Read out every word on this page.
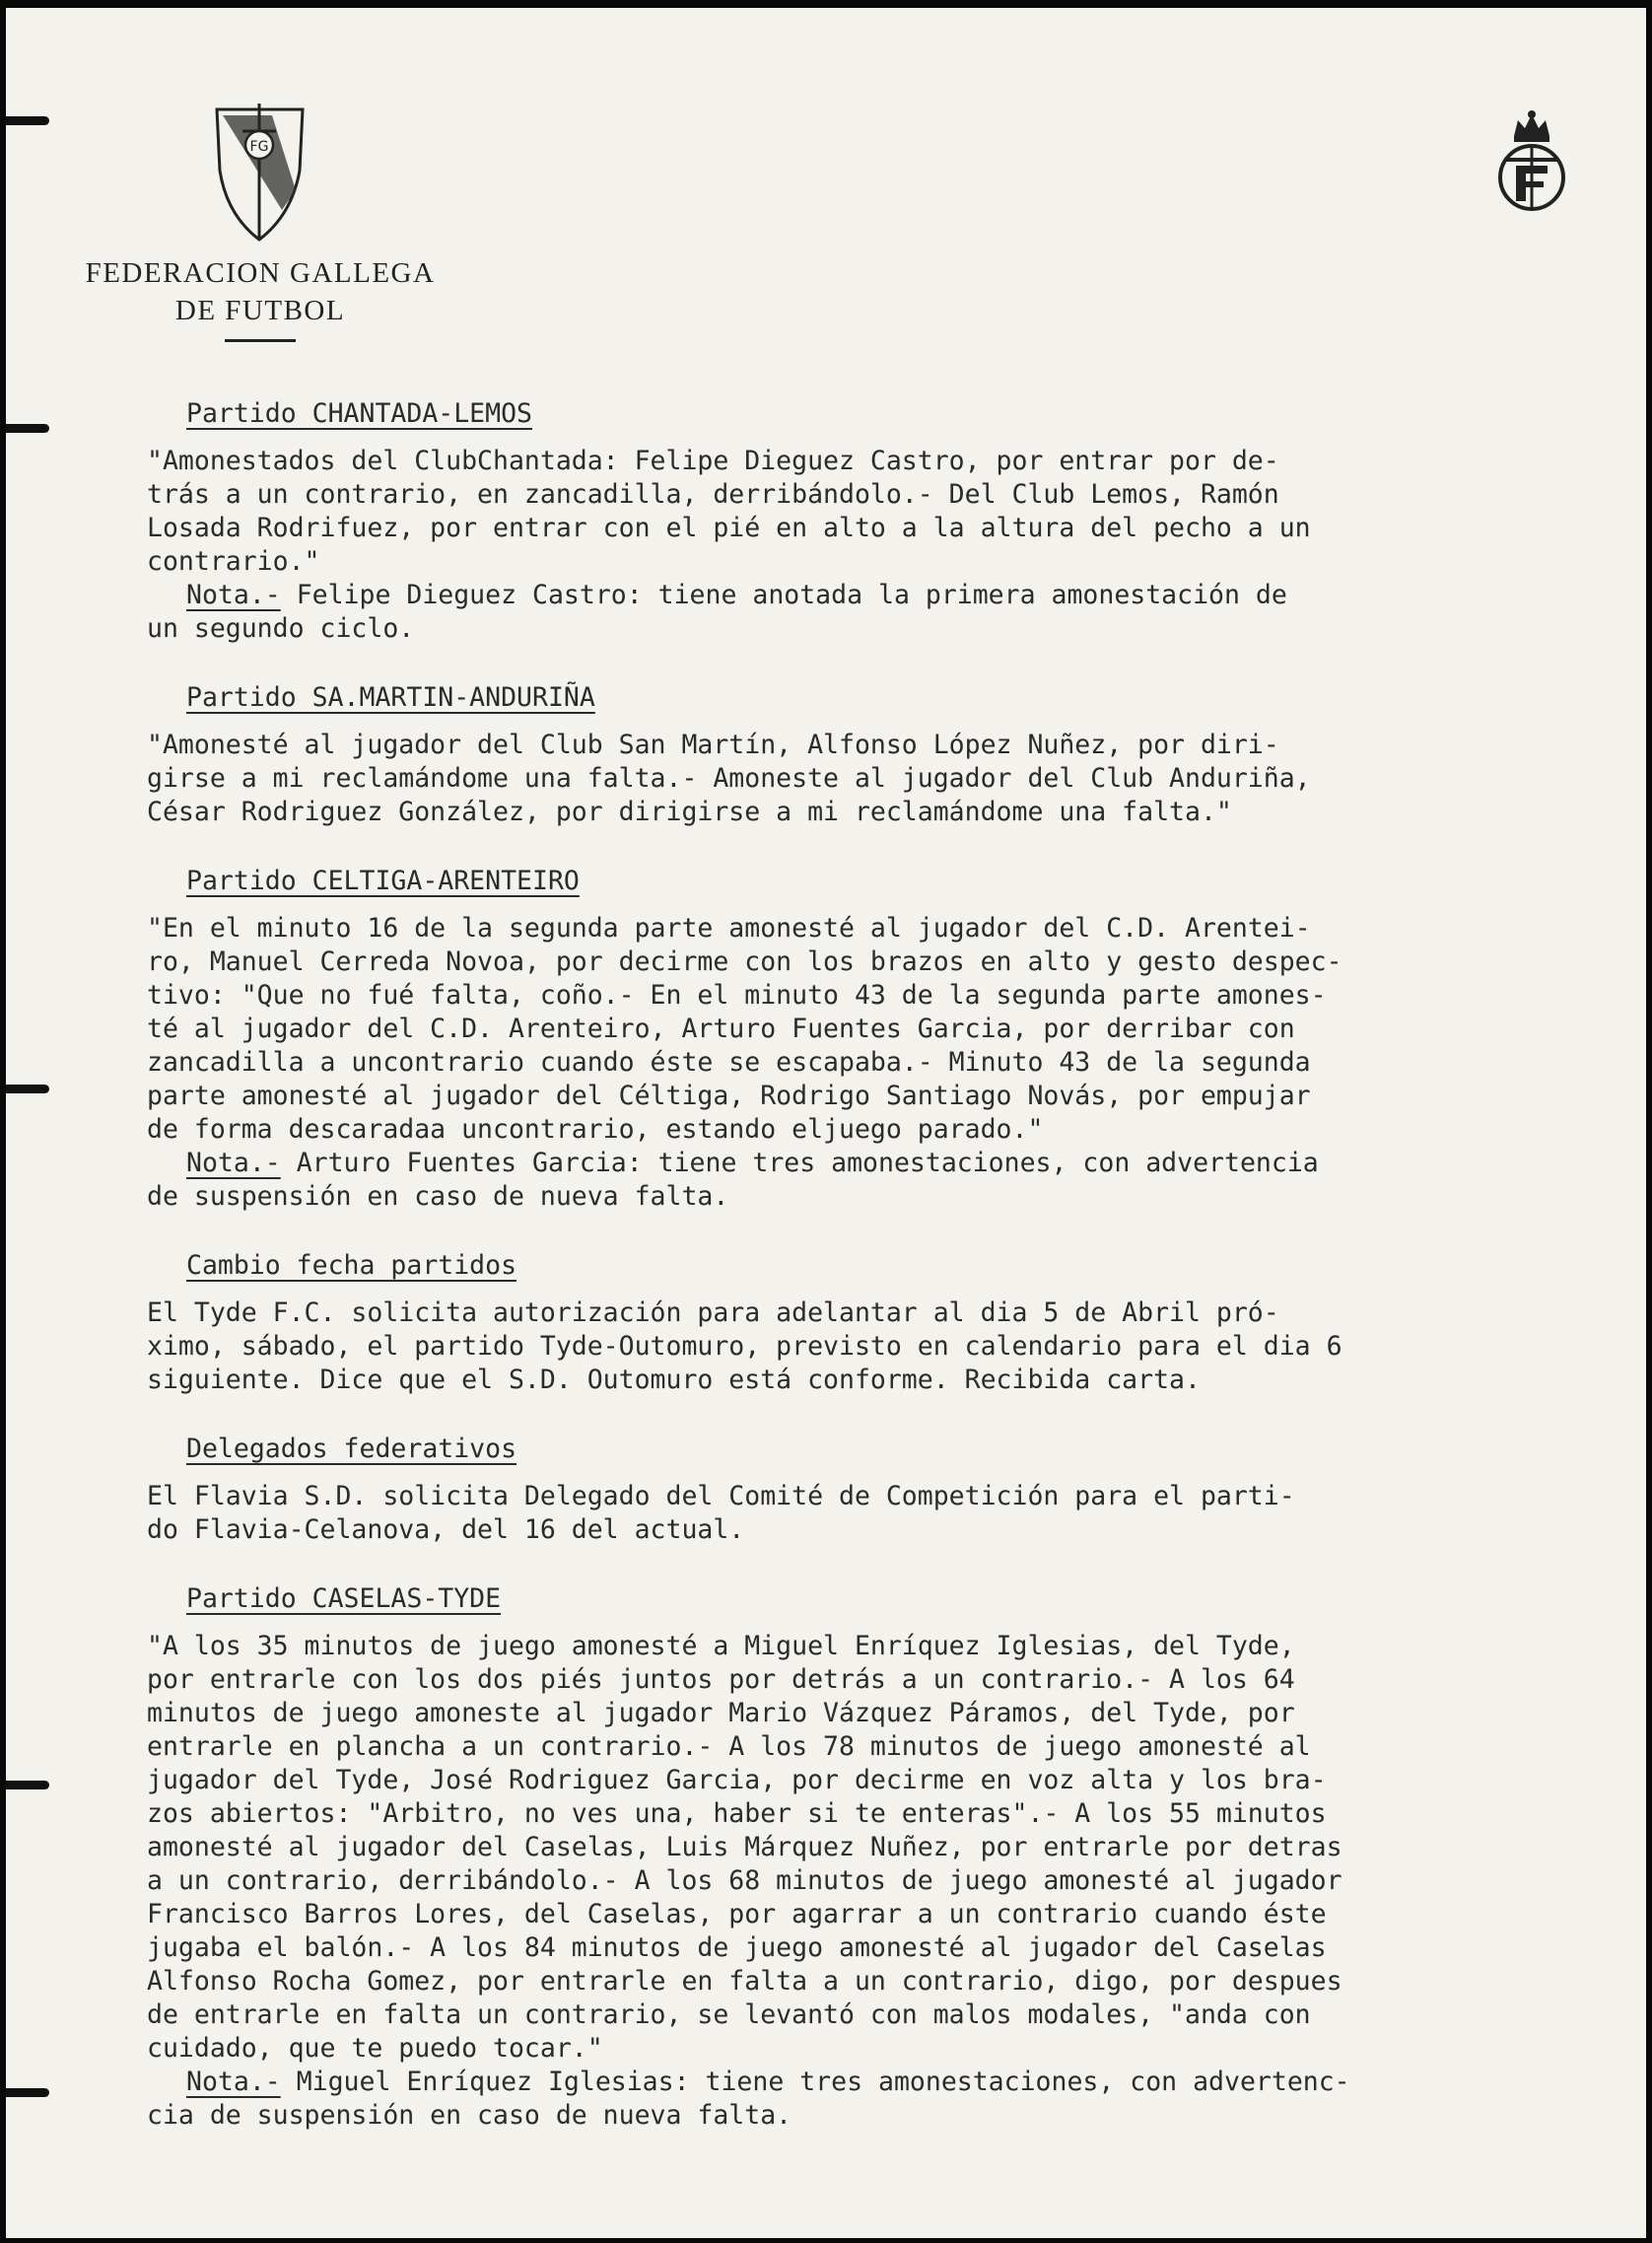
FG
FEDERACION GALLEGA
DE FUTBOL
Partido CHANTADA-LEMOS
"Amonestados del ClubChantada: Felipe Dieguez Castro, por entrar por de-
trás a un contrario, en zancadilla, derribándolo.- Del Club Lemos, Ramón
Losada Rodrifuez, por entrar con el pié en alto a la altura del pecho a un
contrario."
Nota.- Felipe Dieguez Castro: tiene anotada la primera amonestación de
un segundo ciclo.
Partido SA.MARTIN-ANDURIÑA
"Amonesté al jugador del Club San Martín, Alfonso López Nuñez, por diri-
girse a mi reclamándome una falta.- Amoneste al jugador del Club Anduriña,
César Rodriguez González, por dirigirse a mi reclamándome una falta."
Partido CELTIGA-ARENTEIRO
"En el minuto 16 de la segunda parte amonesté al jugador del C.D. Arentei-
ro, Manuel Cerreda Novoa, por decirme con los brazos en alto y gesto despec-
tivo: "Que no fué falta, coño.- En el minuto 43 de la segunda parte amones-
té al jugador del C.D. Arenteiro, Arturo Fuentes Garcia, por derribar con
zancadilla a uncontrario cuando éste se escapaba.- Minuto 43 de la segunda
parte amonesté al jugador del Céltiga, Rodrigo Santiago Novás, por empujar
de forma descaradaa uncontrario, estando eljuego parado."
Nota.- Arturo Fuentes Garcia: tiene tres amonestaciones, con advertencia
de suspensión en caso de nueva falta.
Cambio fecha partidos
El Tyde F.C. solicita autorización para adelantar al dia 5 de Abril pró-
ximo, sábado, el partido Tyde-Outomuro, previsto en calendario para el dia 6
siguiente. Dice que el S.D. Outomuro está conforme. Recibida carta.
Delegados federativos
El Flavia S.D. solicita Delegado del Comité de Competición para el parti-
do Flavia-Celanova, del 16 del actual.
Partido CASELAS-TYDE
"A los 35 minutos de juego amonesté a Miguel Enríquez Iglesias, del Tyde,
por entrarle con los dos piés juntos por detrás a un contrario.- A los 64
minutos de juego amoneste al jugador Mario Vázquez Páramos, del Tyde, por
entrarle en plancha a un contrario.- A los 78 minutos de juego amonesté al
jugador del Tyde, José Rodriguez Garcia, por decirme en voz alta y los bra-
zos abiertos: "Arbitro, no ves una, haber si te enteras".- A los 55 minutos
amonesté al jugador del Caselas, Luis Márquez Nuñez, por entrarle por detras
a un contrario, derribándolo.- A los 68 minutos de juego amonesté al jugador
Francisco Barros Lores, del Caselas, por agarrar a un contrario cuando éste
jugaba el balón.- A los 84 minutos de juego amonesté al jugador del Caselas
Alfonso Rocha Gomez, por entrarle en falta a un contrario, digo, por despues
de entrarle en falta un contrario, se levantó con malos modales, "anda con
cuidado, que te puedo tocar."
Nota.- Miguel Enríquez Iglesias: tiene tres amonestaciones, con advertenc-
cia de suspensión en caso de nueva falta.
